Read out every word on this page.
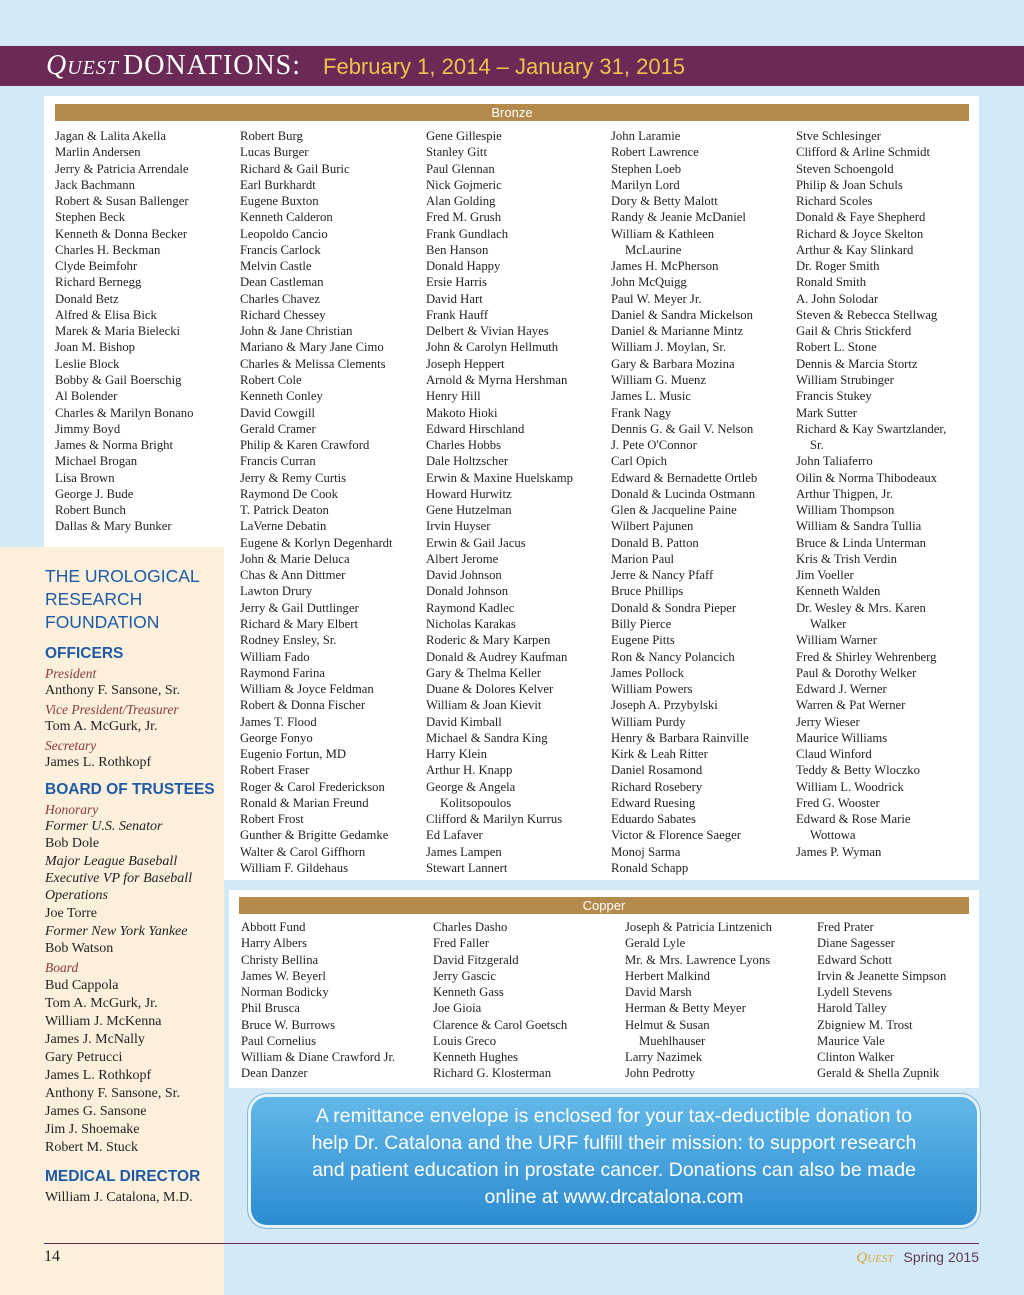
Quest DONATIONS: February 1, 2014 – January 31, 2015
Bronze
Jagan & Lalita Akella
Marlin Andersen
Jerry & Patricia Arrendale
Jack Bachmann
Robert & Susan Ballenger
Stephen Beck
Kenneth & Donna Becker
Charles H. Beckman
Clyde Beimfohr
Richard Bernegg
Donald Betz
Alfred & Elisa Bick
Marek & Maria Bielecki
Joan M. Bishop
Leslie Block
Bobby & Gail Boerschig
Al Bolender
Charles & Marilyn Bonano
Jimmy Boyd
James & Norma Bright
Michael Brogan
Lisa Brown
George J. Bude
Robert Bunch
Dallas & Mary Bunker
Robert Burg
Lucas Burger
Richard & Gail Buric
Earl Burkhardt
Eugene Buxton
Kenneth Calderon
Leopoldo Cancio
Francis Carlock
Melvin Castle
Dean Castleman
Charles Chavez
Richard Chessey
John & Jane Christian
Mariano & Mary Jane Cimo
Charles & Melissa Clements
Robert Cole
Kenneth Conley
David Cowgill
Gerald Cramer
Philip & Karen Crawford
Francis Curran
Jerry & Remy Curtis
Raymond De Cook
T. Patrick Deaton
LaVerne Debatin
Eugene & Korlyn Degenhardt
John & Marie Deluca
Chas & Ann Dittmer
Lawton Drury
Jerry & Gail Duttlinger
Richard & Mary Elbert
Rodney Ensley, Sr.
William Fado
Raymond Farina
William & Joyce Feldman
Robert & Donna Fischer
James T. Flood
George Fonyo
Eugenio Fortun, MD
Robert Fraser
Roger & Carol Frederickson
Ronald & Marian Freund
Robert Frost
Gunther & Brigitte Gedamke
Walter & Carol Giffhorn
William F. Gildehaus
Gene Gillespie
Stanley Gitt
Paul Glennan
Nick Gojmeric
Alan Golding
Fred M. Grush
Frank Gundlach
Ben Hanson
Donald Happy
Ersie Harris
David Hart
Frank Hauff
Delbert & Vivian Hayes
John & Carolyn Hellmuth
Joseph Heppert
Arnold & Myrna Hershman
Henry Hill
Makoto Hioki
Edward Hirschland
Charles Hobbs
Dale Holtzscher
Erwin & Maxine Huelskamp
Howard Hurwitz
Gene Hutzelman
Irvin Huyser
Erwin & Gail Jacus
Albert Jerome
David Johnson
Donald Johnson
Raymond Kadlec
Nicholas Karakas
Roderic & Mary Karpen
Donald & Audrey Kaufman
Gary & Thelma Keller
Duane & Dolores Kelver
William & Joan Kievit
David Kimball
Michael & Sandra King
Harry Klein
Arthur H. Knapp
George & Angela
Kolitsopoulos
Clifford & Marilyn Kurrus
Ed Lafaver
James Lampen
Stewart Lannert
John Laramie
Robert Lawrence
Stephen Loeb
Marilyn Lord
Dory & Betty Malott
Randy & Jeanie McDaniel
William & Kathleen
McLaurine
James H. McPherson
John McQuigg
Paul W. Meyer Jr.
Daniel & Sandra Mickelson
Daniel & Marianne Mintz
William J. Moylan, Sr.
Gary & Barbara Mozina
William G. Muenz
James L. Music
Frank Nagy
Dennis G. & Gail V. Nelson
J. Pete O'Connor
Carl Opich
Edward & Bernadette Ortleb
Donald & Lucinda Ostmann
Glen & Jacqueline Paine
Wilbert Pajunen
Donald B. Patton
Marion Paul
Jerre & Nancy Pfaff
Bruce Phillips
Donald & Sondra Pieper
Billy Pierce
Eugene Pitts
Ron & Nancy Polancich
James Pollock
William Powers
Joseph A. Przybylski
William Purdy
Henry & Barbara Rainville
Kirk & Leah Ritter
Daniel Rosamond
Richard Rosebery
Edward Ruesing
Eduardo Sabates
Victor & Florence Saeger
Monoj Sarma
Ronald Schapp
Stve Schlesinger
Clifford & Arline Schmidt
Steven Schoengold
Philip & Joan Schuls
Richard Scoles
Donald & Faye Shepherd
Richard & Joyce Skelton
Arthur & Kay Slinkard
Dr. Roger Smith
Ronald Smith
A. John Solodar
Steven & Rebecca Stellwag
Gail & Chris Stickferd
Robert L. Stone
Dennis & Marcia Stortz
William Strubinger
Francis Stukey
Mark Sutter
Richard & Kay Swartzlander,
Sr.
John Taliaferro
Oilin & Norma Thibodeaux
Arthur Thigpen, Jr.
William Thompson
William & Sandra Tullia
Bruce & Linda Unterman
Kris & Trish Verdin
Jim Voeller
Kenneth Walden
Dr. Wesley & Mrs. Karen
Walker
William Warner
Fred & Shirley Wehrenberg
Paul & Dorothy Welker
Edward J. Werner
Warren & Pat Werner
Jerry Wieser
Maurice Williams
Claud Winford
Teddy & Betty Wloczko
William L. Woodrick
Fred G. Wooster
Edward & Rose Marie
Wottowa
James P. Wyman
Copper
Abbott Fund
Harry Albers
Christy Bellina
James W. Beyerl
Norman Bodicky
Phil Brusca
Bruce W. Burrows
Paul Cornelius
William & Diane Crawford Jr.
Dean Danzer
Charles Dasho
Fred Faller
David Fitzgerald
Jerry Gascic
Kenneth Gass
Joe Gioia
Clarence & Carol Goetsch
Louis Greco
Kenneth Hughes
Richard G. Klosterman
Joseph & Patricia Lintzenich
Gerald Lyle
Mr. & Mrs. Lawrence Lyons
Herbert Malkind
David Marsh
Herman & Betty Meyer
Helmut & Susan
Muehlhauser
Larry Nazimek
John Pedrotty
Fred Prater
Diane Sagesser
Edward Schott
Irvin & Jeanette Simpson
Lydell Stevens
Harold Talley
Zbigniew M. Trost
Maurice Vale
Clinton Walker
Gerald & Shella Zupnik
THE UROLOGICAL
RESEARCH
FOUNDATION
OFFICERS
President
Anthony F. Sansone, Sr.
Vice President/Treasurer
Tom A. McGurk, Jr.
Secretary
James L. Rothkopf
BOARD OF TRUSTEES
Honorary
Former U.S. Senator
Bob Dole
Major League Baseball
Executive VP for Baseball
Operations
Joe Torre
Former New York Yankee
Bob Watson
Board
Bud Cappola
Tom A. McGurk, Jr.
William J. McKenna
James J. McNally
Gary Petrucci
James L. Rothkopf
Anthony F. Sansone, Sr.
James G. Sansone
Jim J. Shoemake
Robert M. Stuck
MEDICAL DIRECTOR
William J. Catalona, M.D.
A remittance envelope is enclosed for your tax-deductible donation to
help Dr. Catalona and the URF fulfill their mission: to support research
and patient education in prostate cancer. Donations can also be made
online at www.drcatalona.com
14	Quest Spring 2015
